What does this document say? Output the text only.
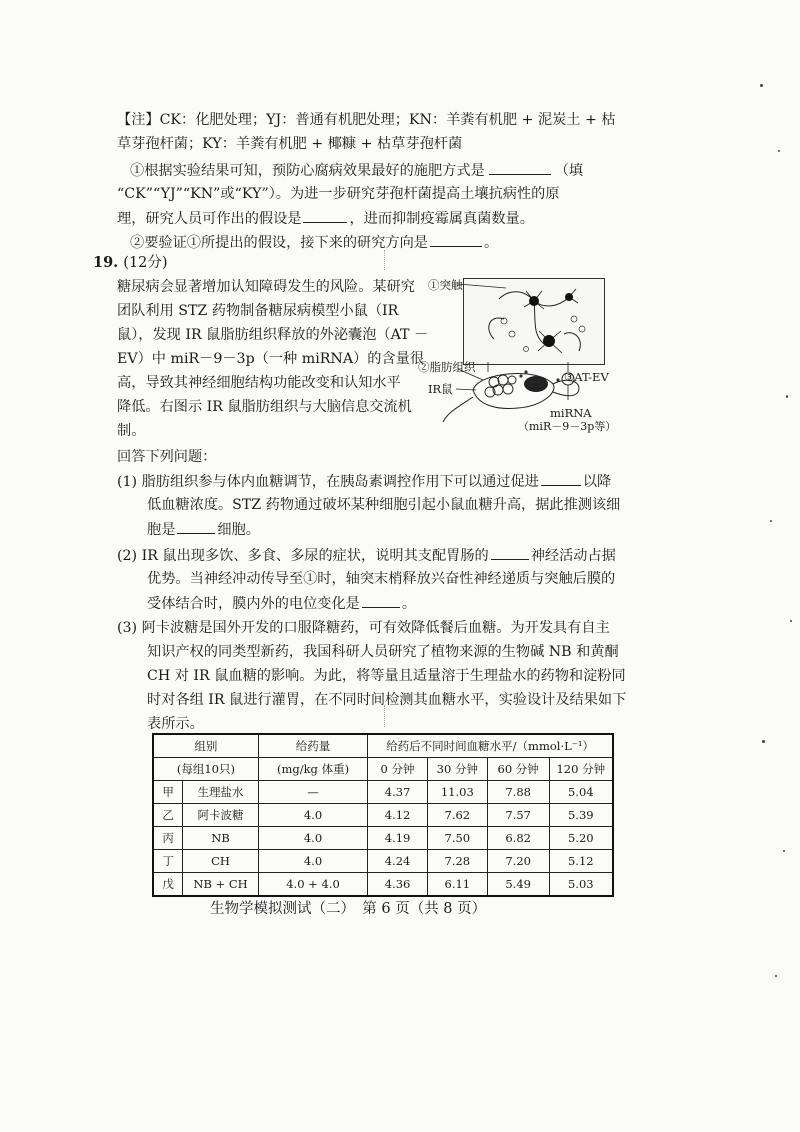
【注】CK：化肥处理；YJ：普通有机肥处理；KN：羊粪有机肥 + 泥炭土 + 枯
草芽孢杆菌；KY：羊粪有机肥 + 椰糠 + 枯草芽孢杆菌
①根据实验结果可知，预防心腐病效果最好的施肥方式是	（填
“CK”“YJ”“KN”或“KY”）。为进一步研究芽孢杆菌提高土壤抗病性的原
理，研究人员可作出的假设是	，进而抑制疫霉属真菌数量。
②要验证①所提出的假设，接下来的研究方向是	。
19. (12分)
糖尿病会显著增加认知障碍发生的风险。某研究
团队利用 STZ 药物制备糖尿病模型小鼠（IR
鼠），发现 IR 鼠脂肪组织释放的外泌囊泡（AT －
EV）中 miR－9－3p（一种 miRNA）的含量很
高，导致其神经细胞结构功能改变和认知水平
降低。右图示 IR 鼠脂肪组织与大脑信息交流机
制。
①突触
②脂肪组织
IR鼠
③AT-EV
miRNA
（miR－9－3p等）
回答下列问题：
(1) 脂肪组织参与体内血糖调节，在胰岛素调控作用下可以通过促进	以降
低血糖浓度。STZ 药物通过破坏某种细胞引起小鼠血糖升高，据此推测该细
胞是	细胞。
(2) IR 鼠出现多饮、多食、多尿的症状，说明其支配胃肠的	神经活动占据
优势。当神经冲动传导至①时，轴突末梢释放兴奋性神经递质与突触后膜的
受体结合时，膜内外的电位变化是	。
(3) 阿卡波糖是国外开发的口服降糖药，可有效降低餐后血糖。为开发具有自主
知识产权的同类型新药，我国科研人员研究了植物来源的生物碱 NB 和黄酮
CH 对 IR 鼠血糖的影响。为此，将等量且适量溶于生理盐水的药物和淀粉同
时对各组 IR 鼠进行灌胃，在不同时间检测其血糖水平，实验设计及结果如下
表所示。
组别		给药量	给药后不同时间血糖水平/（mmol·L⁻¹）			
(每组10只)		(mg/kg 体重)	0 分钟	30 分钟	60 分钟	120 分钟
甲	生理盐水	—	4.37	11.03	7.88	5.04
乙	阿卡波糖	4.0	4.12	7.62	7.57	5.39
丙	NB	4.0	4.19	7.50	6.82	5.20
丁	CH	4.0	4.24	7.28	7.20	5.12
戊	NB + CH	4.0 + 4.0	4.36	6.11	5.49	5.03
生物学模拟测试（二）　第 6 页（共 8 页）
